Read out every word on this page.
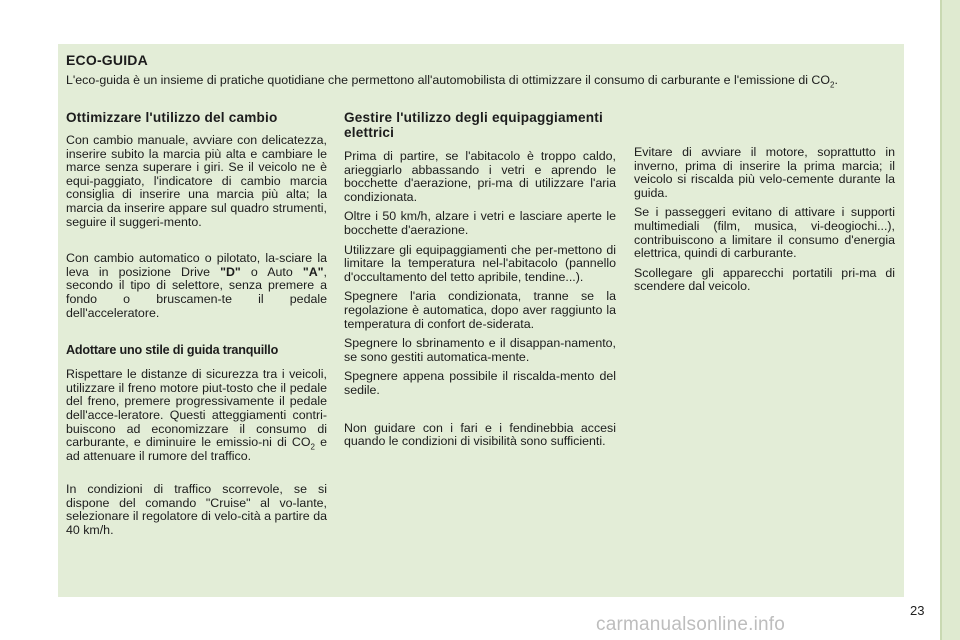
ECO-GUIDA

L'eco-guida è un insieme di pratiche quotidiane che permettono all'automobilista di ottimizzare il consumo di carburante e l'emissione di $CO_2$.

Ottimizzare l'utilizzo del cambio

Con cambio manuale, avviare con delicatezza, inserire subito la marcia più alta e cambiare le marce senza superare i giri. Se il veicolo ne è equi-paggiato, l'indicatore di cambio marcia consiglia di inserire una marcia più alta; la marcia da inserire appare sul quadro strumenti, seguire il suggeri-mento.

Con cambio automatico o pilotato, la-sciare la leva in posizione Drive "D" o Auto "A", secondo il tipo di selettore, senza premere a fondo o bruscamen-te il pedale dell'acceleratore.

Adottare uno stile di guida tranquillo

Rispettare le distanze di sicurezza tra i veicoli, utilizzare il freno motore piut-tosto che il pedale del freno, premere progressivamente il pedale dell'acce-leratore. Questi atteggiamenti contri-buiscono ad economizzare il consumo di carburante, e diminuire le emissio-ni di $CO_2$ e ad attenuare il rumore del traffico.

In condizioni di traffico scorrevole, se si dispone del comando "Cruise" al vo-lante, selezionare il regolatore di velo-cità a partire da 40 km/h.

Gestire l'utilizzo degli equipaggiamenti elettrici

Prima di partire, se l'abitacolo è troppo caldo, arieggiarlo abbassando i vetri e aprendo le bocchette d'aerazione, pri-ma di utilizzare l'aria condizionata.

Oltre i 50 km/h, alzare i vetri e lasciare aperte le bocchette d'aerazione.

Utilizzare gli equipaggiamenti che per-mettono di limitare la temperatura nel-l'abitacolo (pannello d'occultamento del tetto apribile, tendine...).

Spegnere l'aria condizionata, tranne se la regolazione è automatica, dopo aver raggiunto la temperatura di confort de-siderata.

Spegnere lo sbrinamento e il disappan-namento, se sono gestiti automatica-mente.

Spegnere appena possibile il riscalda-mento del sedile.

Non guidare con i fari e i fendinebbia accesi quando le condizioni di visibilità sono sufficienti.

Evitare di avviare il motore, soprattutto in inverno, prima di inserire la prima marcia; il veicolo si riscalda più velo-cemente durante la guida.

Se i passeggeri evitano di attivare i supporti multimediali (film, musica, vi-deogiochi...), contribuiscono a limitare il consumo d'energia elettrica, quindi di carburante.

Scollegare gli apparecchi portatili pri-ma di scendere dal veicolo.

23

carmanualsonline.info
